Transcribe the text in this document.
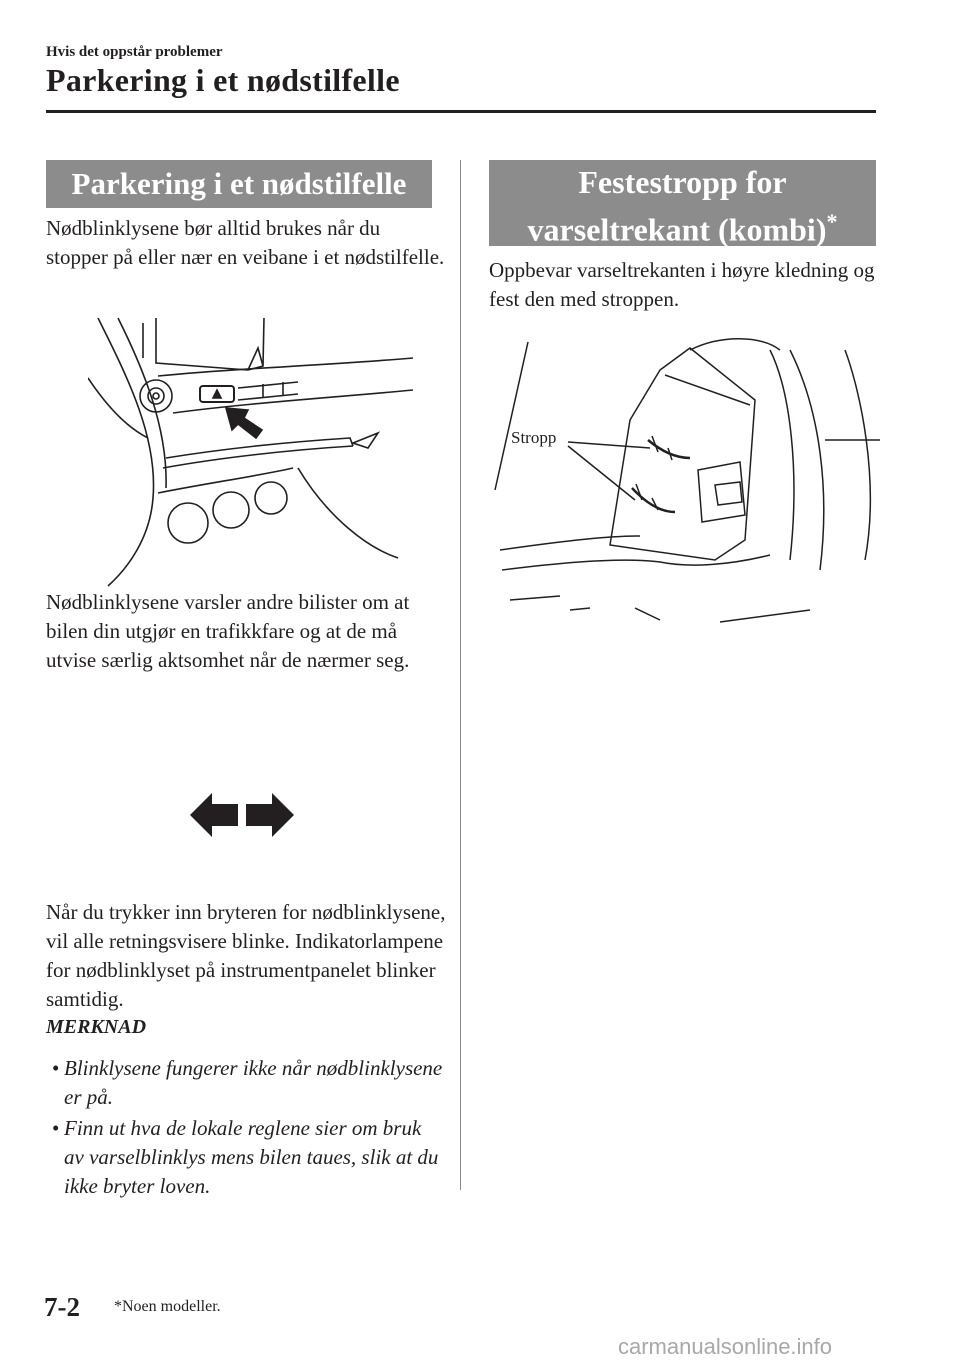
Hvis det oppstår problemer
Parkering i et nødstilfelle
Parkering i et nødstilfelle
Nødblinklysene bør alltid brukes når du stopper på eller nær en veibane i et nødstilfelle.
Nødblinklysene varsler andre bilister om at bilen din utgjør en trafikkfare og at de må utvise særlig aktsomhet når de nærmer seg.
Når du trykker inn bryteren for nødblinklysene, vil alle retningsvisere blinke. Indikatorlampene for nødblinklyset på instrumentpanelet blinker samtidig.
MERKNAD
• Blinklysene fungerer ikke når nødblinklysene er på.
• Finn ut hva de lokale reglene sier om bruk av varselblinklys mens bilen taues, slik at du ikke bryter loven.
Festestropp for
varseltrekant (kombi)*
Oppbevar varseltrekanten i høyre kledning og fest den med stroppen.
Stropp
7-2 *Noen modeller.
carmanualsonline.info
